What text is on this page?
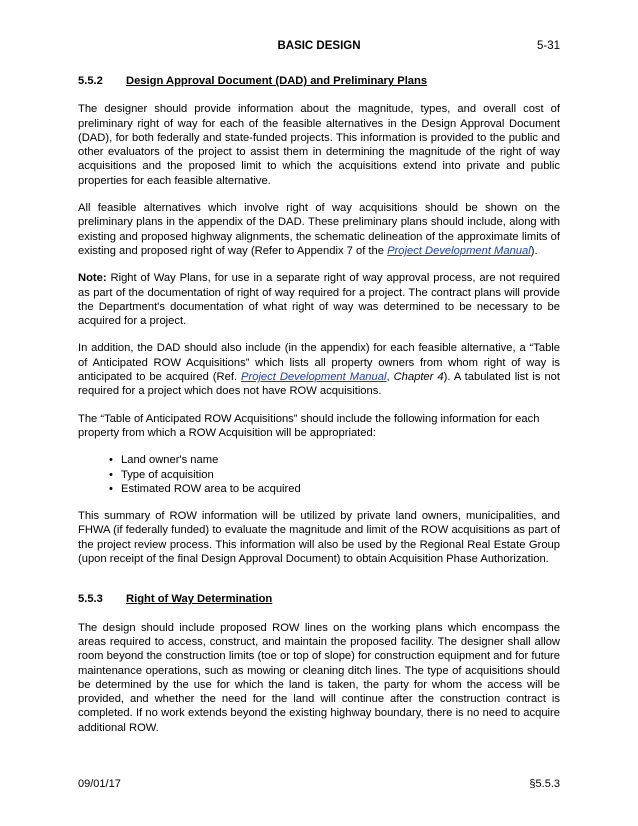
BASIC DESIGN	5-31
5.5.2 Design Approval Document (DAD) and Preliminary Plans

The designer should provide information about the magnitude, types, and overall cost of preliminary right of way for each of the feasible alternatives in the Design Approval Document (DAD), for both federally and state-funded projects. This information is provided to the public and other evaluators of the project to assist them in determining the magnitude of the right of way acquisitions and the proposed limit to which the acquisitions extend into private and public properties for each feasible alternative.

All feasible alternatives which involve right of way acquisitions should be shown on the preliminary plans in the appendix of the DAD. These preliminary plans should include, along with existing and proposed highway alignments, the schematic delineation of the approximate limits of existing and proposed right of way (Refer to Appendix 7 of the Project Development Manual).

Note: Right of Way Plans, for use in a separate right of way approval process, are not required as part of the documentation of right of way required for a project. The contract plans will provide the Department's documentation of what right of way was determined to be necessary to be acquired for a project.

In addition, the DAD should also include (in the appendix) for each feasible alternative, a “Table of Anticipated ROW Acquisitions” which lists all property owners from whom right of way is anticipated to be acquired (Ref. Project Development Manual, Chapter 4). A tabulated list is not required for a project which does not have ROW acquisitions.

The “Table of Anticipated ROW Acquisitions” should include the following information for each property from which a ROW Acquisition will be appropriated:

• Land owner's name
• Type of acquisition
• Estimated ROW area to be acquired

This summary of ROW information will be utilized by private land owners, municipalities, and FHWA (if federally funded) to evaluate the magnitude and limit of the ROW acquisitions as part of the project review process. This information will also be used by the Regional Real Estate Group (upon receipt of the final Design Approval Document) to obtain Acquisition Phase Authorization.

5.5.3 Right of Way Determination

The design should include proposed ROW lines on the working plans which encompass the areas required to access, construct, and maintain the proposed facility. The designer shall allow room beyond the construction limits (toe or top of slope) for construction equipment and for future maintenance operations, such as mowing or cleaning ditch lines. The type of acquisitions should be determined by the use for which the land is taken, the party for whom the access will be provided, and whether the need for the land will continue after the construction contract is completed. If no work extends beyond the existing highway boundary, there is no need to acquire additional ROW.

09/01/17	§5.5.3
